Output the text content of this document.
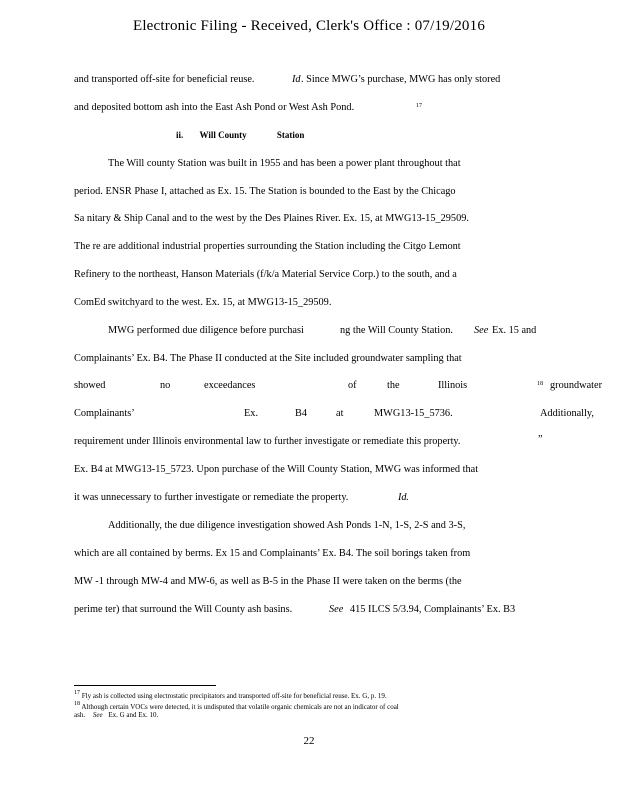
Electronic Filing - Received, Clerk's Office : 07/19/2016
and transported off-site for beneficial reuse.	Id . Since MWG’s purchase, MWG has only stored
and deposited bottom ash into the East Ash Pond or West Ash Pond.	17
ii. Will County	Station
The Will county Station was built in 1955 and has been a power plant throughout that
period. ENSR Phase I, attached as Ex. 15. The Station is bounded to the East by the Chicago
Sa nitary & Ship Canal and to the west by the Des Plaines River. Ex. 15, at MWG13-15_29509.
The re are additional industrial properties surrounding the Station including the Citgo Lemont
Refinery to the northeast, Hanson Materials (f/k/a Material Service Corp.) to the south, and a
ComEd switchyard to the west. Ex. 15, at MWG13-15_29509.
MWG performed due diligence before purchasi	ng the Will County Station. See Ex. 15 and
Complainants’ Ex. B4. The Phase II conducted at the Site included groundwater sampling that
showed	no	exceedances	of	the	Illinois	18 groundwater
Complainants’	Ex.	B4	at	MWG13-15_5736.	Additionally,
requirement under Illinois environmental law to further investigate or remediate this property.	”
Ex. B4 at MWG13-15_5723. Upon purchase of the Will County Station, MWG was informed that
it was unnecessary to further investigate or remediate the property.	Id .
Additionally, the due diligence investigation showed Ash Ponds 1-N, 1-S, 2-S and 3-S,
which are all contained by berms. Ex 15 and Complainants’ Ex. B4. The soil borings taken from
MW -1 through MW-4 and MW-6, as well as B-5 in the Phase II were taken on the berms (the
perime ter) that surround the Will County ash basins.	See 415 ILCS 5/3.94, Complainants’ Ex. B3
17 Fly ash is collected using electrostatic precipitators and transported off-site for beneficial reuse. Ex. G, p. 19.
18 Although certain VOCs were detected, it is undisputed that volatile organic chemicals are not an indicator of coal
ash. See Ex. G and Ex. 10.
22
